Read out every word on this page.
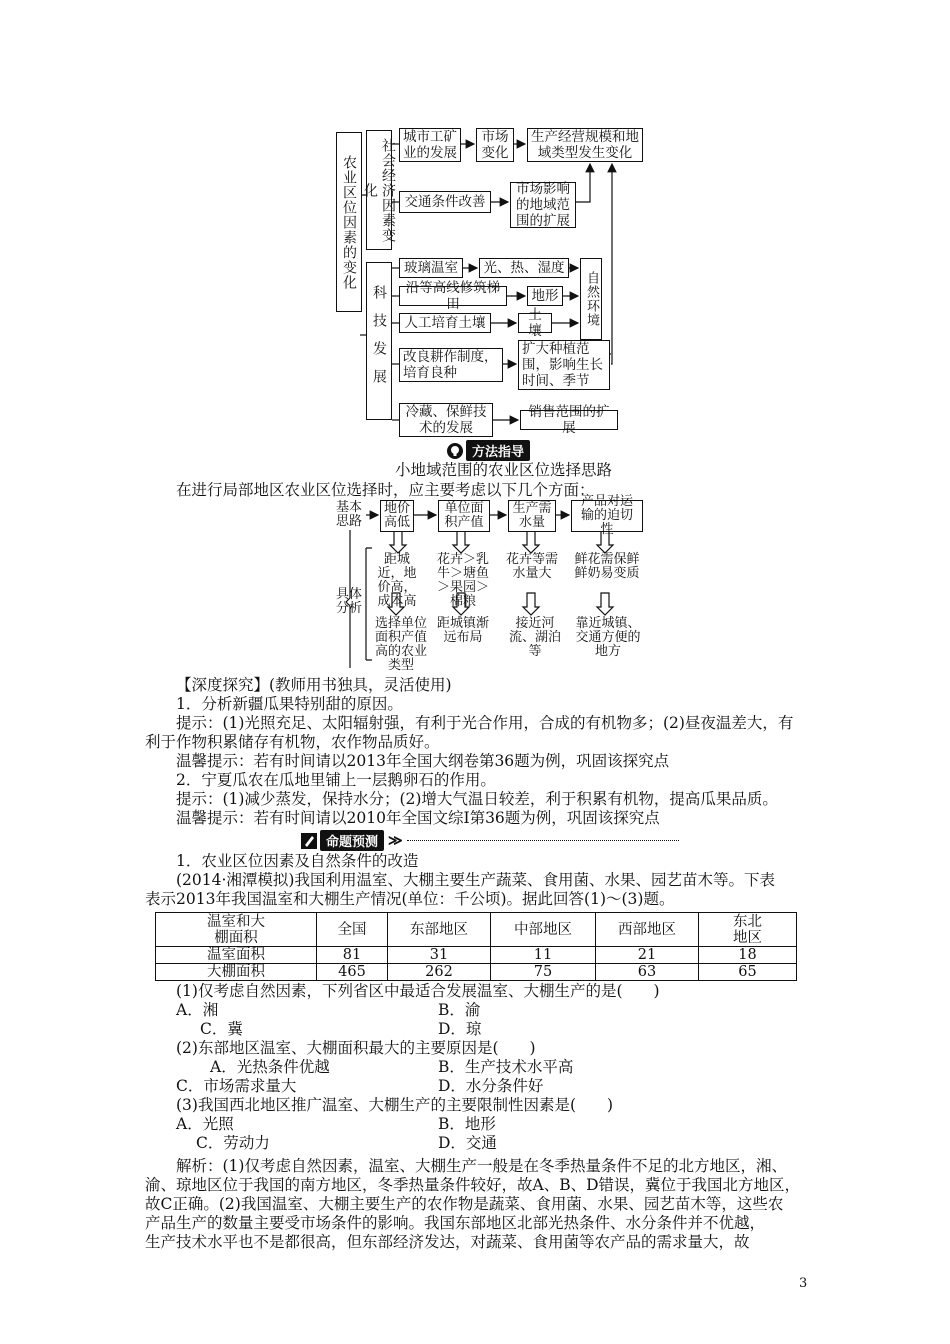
农业区位因素的变化	社会经济因素变化
科技发展
城市工矿业的发展
市场变化
生产经营规模和地域类型发生变化
交通条件改善
市场影响的地域范围的扩展
玻璃温室 光、热、湿度
沿等高线修筑梯田	地形
人工培育土壤	土壤
自然环境
改良耕作制度，培育良种
扩大种植范围，影响生长时间、季节
冷藏、保鲜技术的发展
销售范围的扩展
方法指导
小地域范围的农业区位选择思路
在进行局部地区农业区位选择时，应主要考虑以下几个方面：
基本思路
具体分析
地价高低
单位面积产值
生产需水量
产品对运输的迫切性
距城近，地价高，成本高
花卉＞乳牛＞塘鱼＞果园＞棉粮
花卉等需水量大
鲜花需保鲜鲜奶易变质
选择单位面积产值高的农业类型
距城镇渐远布局
接近河流、湖泊等
靠近城镇、交通方便的地方
【深度探究】(教师用书独具，灵活使用)
1．分析新疆瓜果特别甜的原因。
提示：(1)光照充足、太阳辐射强，有利于光合作用，合成的有机物多；(2)昼夜温差大，有
利于作物积累储存有机物，农作物品质好。
温馨提示：若有时间请以2013年全国大纲卷第36题为例，巩固该探究点
2．宁夏瓜农在瓜地里铺上一层鹅卵石的作用。
提示：(1)减少蒸发，保持水分；(2)增大气温日较差，利于积累有机物，提高瓜果品质。
温馨提示：若有时间请以2010年全国文综Ⅰ第36题为例，巩固该探究点
命题预测 ≫
1．农业区位因素及自然条件的改造
(2014·湘潭模拟)我国利用温室、大棚主要生产蔬菜、食用菌、水果、园艺苗木等。下表
表示2013年我国温室和大棚生产情况(单位：千公顷)。据此回答(1)～(3)题。
温室和大棚面积	全国	东部地区	中部地区	西部地区	东北地区
温室面积	81	31	11	21	18
大棚面积	465	262	75	63	65
(1)仅考虑自然因素，下列省区中最适合发展温室、大棚生产的是(　　)
A．湘	B．渝
C．冀	D．琼
(2)东部地区温室、大棚面积最大的主要原因是(　　)
A．光热条件优越	B．生产技术水平高
C．市场需求量大	D．水分条件好
(3)我国西北地区推广温室、大棚生产的主要限制性因素是(　　)
A．光照	B．地形
C．劳动力	D．交通
解析：(1)仅考虑自然因素，温室、大棚生产一般是在冬季热量条件不足的北方地区，湘、
渝、琼地区位于我国的南方地区，冬季热量条件较好，故A、B、D错误，冀位于我国北方地区，
故C正确。(2)我国温室、大棚主要生产的农作物是蔬菜、食用菌、水果、园艺苗木等，这些农
产品生产的数量主要受市场条件的影响。我国东部地区北部光热条件、水分条件并不优越，
生产技术水平也不是都很高，但东部经济发达，对蔬菜、食用菌等农产品的需求量大，故
3
